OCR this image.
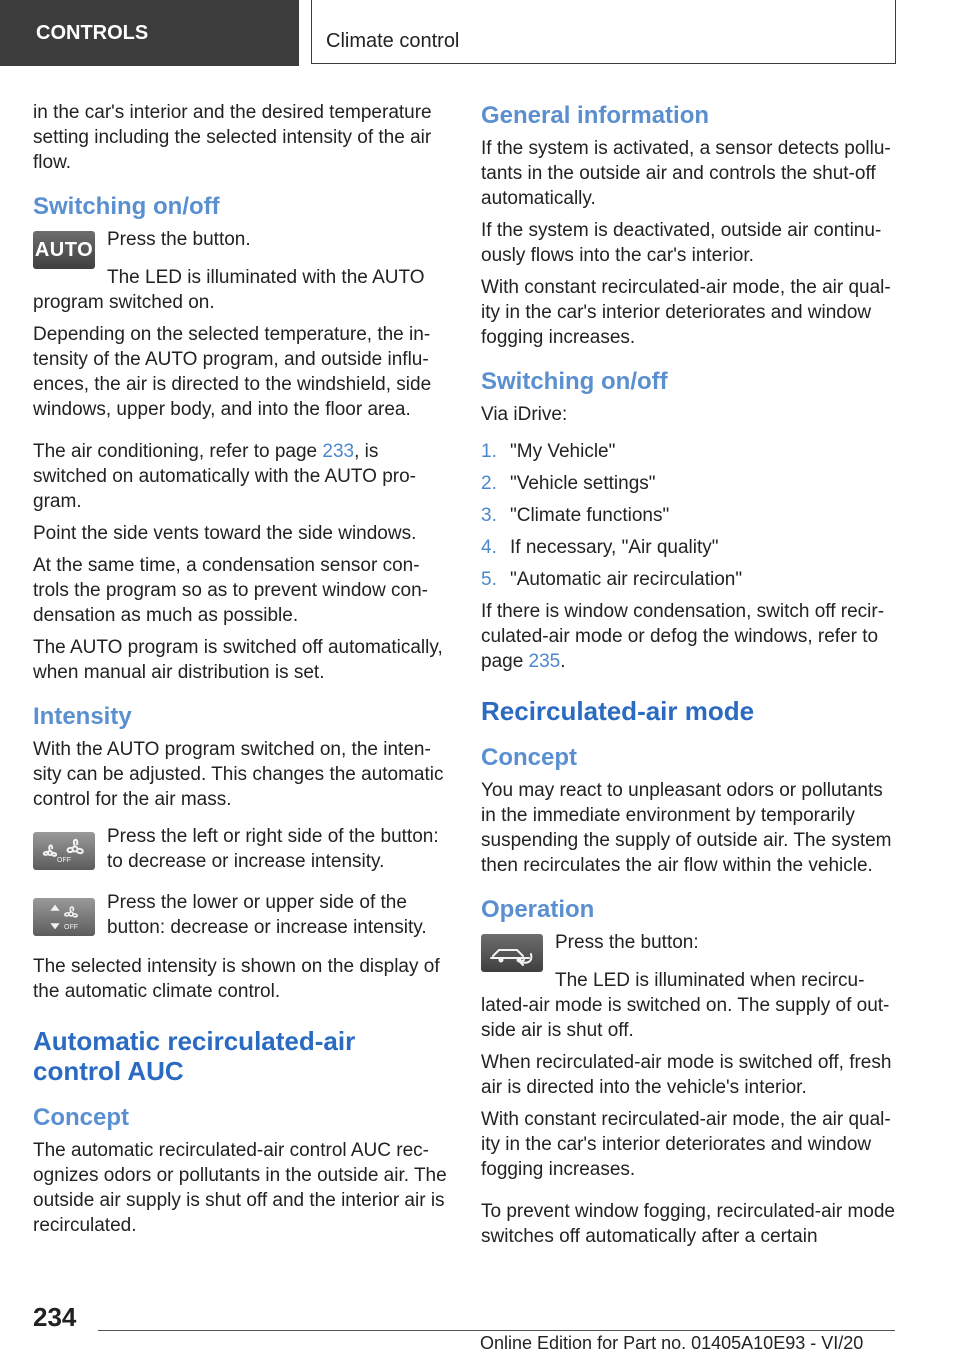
CONTROLS	Climate control

in the car's interior and the desired temperature setting including the selected intensity of the air flow.

Switching on/off
AUTO Press the button.

The LED is illuminated with the AUTO program switched on.

Depending on the selected temperature, the intensity of the AUTO program, and outside influences, the air is directed to the windshield, side windows, upper body, and into the floor area.

The air conditioning, refer to page 233, is switched on automatically with the AUTO program.

Point the side vents toward the side windows.

At the same time, a condensation sensor controls the program so as to prevent window condensation as much as possible.

The AUTO program is switched off automatically, when manual air distribution is set.

Intensity

With the AUTO program switched on, the intensity can be adjusted. This changes the automatic control for the air mass.

OFF

Press the left or right side of the button: to decrease or increase intensity.

OFF

Press the lower or upper side of the button: decrease or increase intensity.

The selected intensity is shown on the display of the automatic climate control.

Automatic recirculated-air control AUC
Concept

The automatic recirculated-air control AUC recognizes odors or pollutants in the outside air. The outside air supply is shut off and the interior air is recirculated.

General information

If the system is activated, a sensor detects pollutants in the outside air and controls the shut-off automatically.

If the system is deactivated, outside air continuously flows into the car's interior.

With constant recirculated-air mode, the air quality in the car's interior deteriorates and window fogging increases.

Switching on/off

Via iDrive:

1. "My Vehicle"
2. "Vehicle settings"
3. "Climate functions"
4. If necessary, "Air quality"
5. "Automatic air recirculation"

If there is window condensation, switch off recirculated-air mode or defog the windows, refer to page 235.

Recirculated-air mode
Concept

You may react to unpleasant odors or pollutants in the immediate environment by temporarily suspending the supply of outside air. The system then recirculates the air flow within the vehicle.

Operation

Press the button:

The LED is illuminated when recirculated-air mode is switched on. The supply of outside air is shut off.

When recirculated-air mode is switched off, fresh air is directed into the vehicle's interior.

With constant recirculated-air mode, the air quality in the car's interior deteriorates and window fogging increases.

To prevent window fogging, recirculated-air mode switches off automatically after a certain

234
Online Edition for Part no. 01405A10E93 - VI/20
